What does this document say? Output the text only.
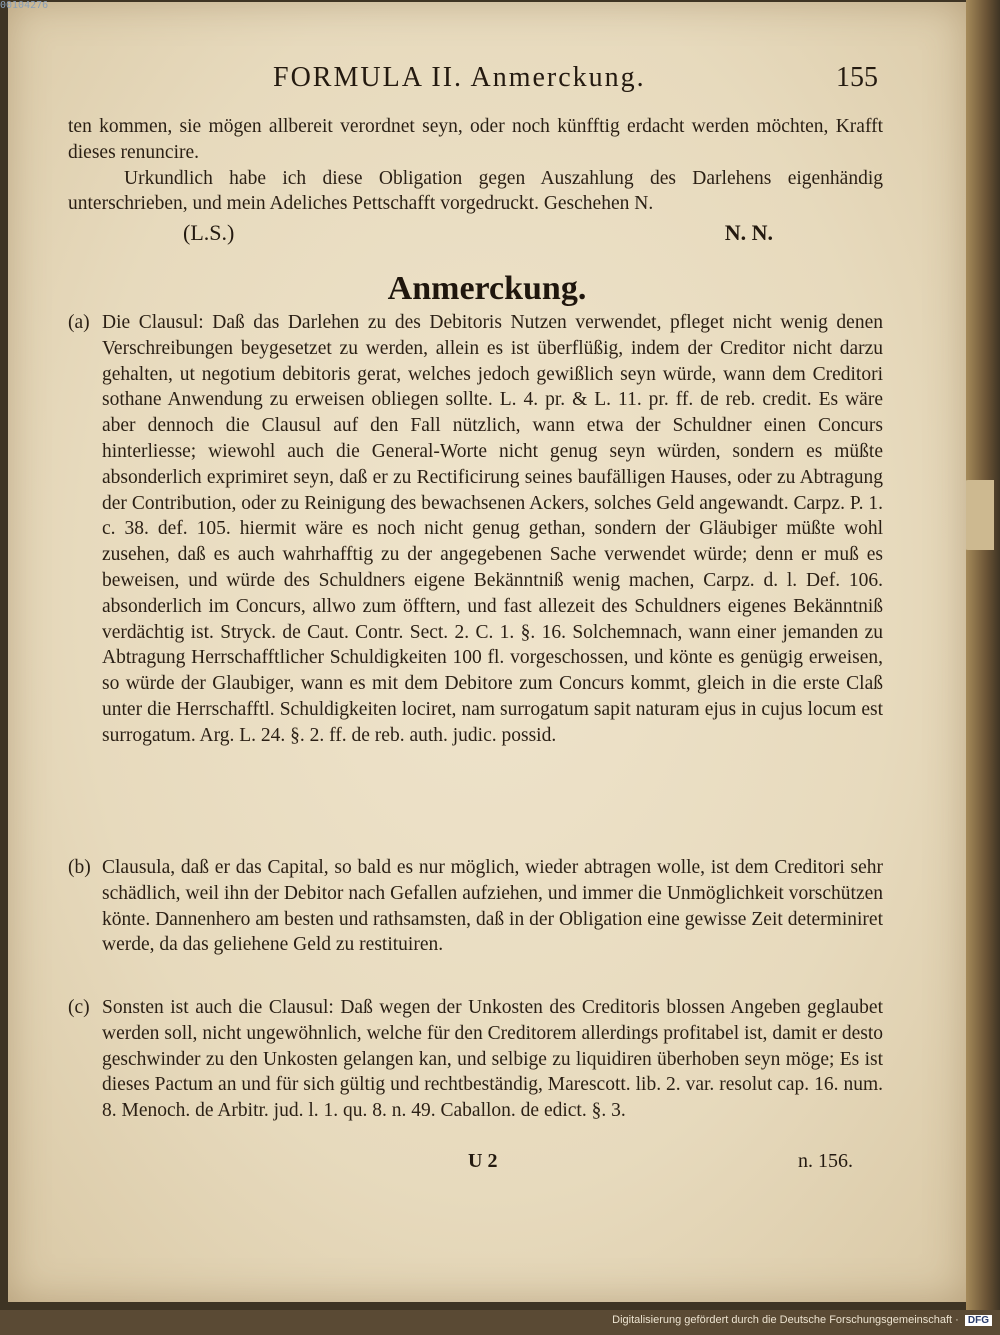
FORMULA II. Anmerckung.	155

ten kommen, sie mögen allbereit verordnet seyn, oder noch künfftig erdacht werden möchten, Krafft dieses renuncire.

Urkundlich habe ich diese Obligation gegen Auszahlung des Darlehens eigenhändig unterschrieben, und mein Adeliches Pettschafft vorgedruckt. Geschehen N.

(L.S.)	N. N.
Anmerckung.
(a) Die Clausul: Daß das Darlehen zu des Debitoris Nutzen verwendet, pfleget nicht wenig denen Verschreibungen beygesetzet zu werden, allein es ist überflüßig, indem der Creditor nicht darzu gehalten, ut negotium debitoris gerat, welches jedoch gewißlich seyn würde, wann dem Creditori sothane Anwendung zu erweisen obliegen sollte. L. 4. pr. & L. 11. pr. ff. de reb. credit. Es wäre aber dennoch die Clausul auf den Fall nützlich, wann etwa der Schuldner einen Concurs hinterliesse; wiewohl auch die General-Worte nicht genug seyn würden, sondern es müßte absonderlich exprimiret seyn, daß er zu Rectificirung seines baufälligen Hauses, oder zu Abtragung der Contribution, oder zu Reinigung des bewachsenen Ackers, solches Geld angewandt. Carpz. P. 1. c. 38. def. 105. hiermit wäre es noch nicht genug gethan, sondern der Gläubiger müßte wohl zusehen, daß es auch wahrhafftig zu der angegebenen Sache verwendet würde; denn er muß es beweisen, und würde des Schuldners eigene Bekänntniß wenig machen, Carpz. d. l. Def. 106. absonderlich im Concurs, allwo zum öfftern, und fast allezeit des Schuldners eigenes Bekänntniß verdächtig ist. Stryck. de Caut. Contr. Sect. 2. C. 1. §. 16. Solchemnach, wann einer jemanden zu Abtragung Herrschafftlicher Schuldigkeiten 100 fl. vorgeschossen, und könte es genügig erweisen, so würde der Glaubiger, wann es mit dem Debitore zum Concurs kommt, gleich in die erste Claß unter die Herrschafftl. Schuldigkeiten lociret, nam surrogatum sapit naturam ejus in cujus locum est surrogatum. Arg. L. 24. §. 2. ff. de reb. auth. judic. possid.
(b) Clausula, daß er das Capital, so bald es nur möglich, wieder abtragen wolle, ist dem Creditori sehr schädlich, weil ihn der Debitor nach Gefallen aufziehen, und immer die Unmöglichkeit vorschützen könte. Dannenhero am besten und rathsamsten, daß in der Obligation eine gewisse Zeit determiniret werde, da das geliehene Geld zu restituiren.
(c) Sonsten ist auch die Clausul: Daß wegen der Unkosten des Creditoris blossen Angeben geglaubet werden soll, nicht ungewöhnlich, welche für den Creditorem allerdings profitabel ist, damit er desto geschwinder zu den Unkosten gelangen kan, und selbige zu liquidiren überhoben seyn möge; Es ist dieses Pactum an und für sich gültig und rechtbeständig, Marescott. lib. 2. var. resolut cap. 16. num. 8. Menoch. de Arbitr. jud. l. 1. qu. 8. n. 49. Caballon. de edict. §. 3.
U 2	n. 156.
00104276
Digitalisierung gefördert durch die Deutsche Forschungsgemeinschaft · DFG
